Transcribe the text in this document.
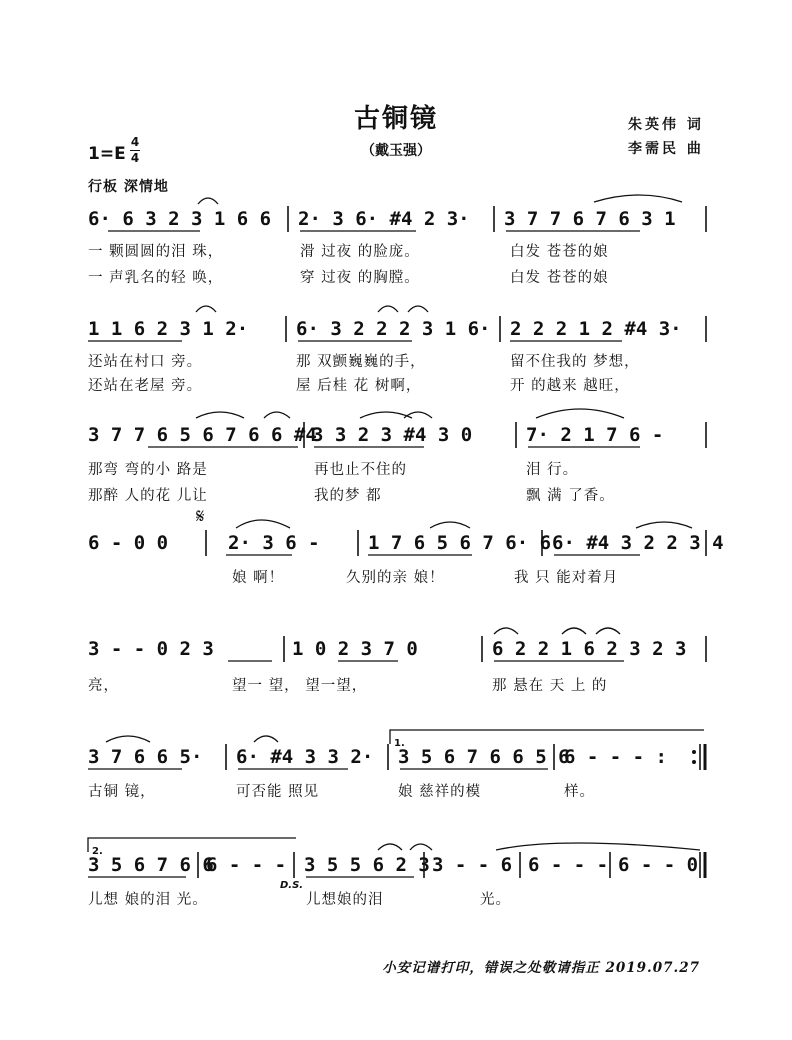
古铜镜
（戴玉强）
朱英伟 词
李需民 曲
1=E
4
4
行板 深情地
6· 6 3 2 3 1 6 6 2· 3 6· #4 2 3· 3 7 7 6 7 6 3 1
一 颗圆圆的泪 珠，	滑 过夜 的脸庞。	白发 苍苍的娘
一 声乳名的轻 唤，	穿 过夜 的胸膛。	白发 苍苍的娘
1 1 6 2 3 1 2·	6· 3 2 2 2 3 1 6· 2 2 2 1 2 #4 3·
还站在村口 旁。	那 双颤巍巍的手，	留不住我的 梦想，
还站在老屋 旁。	屋 后桂 花 树啊，	开 的越来 越旺，
3 7 7 6 5 6 7 6 6 #4
3 3 2 3 #4 3 0	7· 2 1 7 6 -
那弯 弯的小 路是	再也止不住的	泪 行。
那醉 人的花 儿让	我的梦 都	飘 满 了香。
𝄋
6 - 0 0	2· 3 6 -	1 7 6 5 6 7 6· 6 6· #4 3 2 2 3 4
娘 啊！	久别的亲 娘！	我 只 能对着月
3 - - 0 2 3	1 0 2 3 7 0	6 2 2 1 6 2 3 2 3
亮，	望一 望， 望一望，	那 悬在 天 上 的
1.
3 7 6 6 5· 6· #4 3 3 2· 3 5 6 7 6 6 5 6
6 - - - :
古铜 镜，	可否能 照见	娘 慈祥的模	样。
2.
3 5 6 7 6 6
6 - - - 3 5 5 6 2 3 3 - - 6 6 - - - 6 - - 0
儿想 娘的泪 光。
D.S.
儿想娘的泪	光。
小安记谱打印，错误之处敬请指正 2019.07.27
